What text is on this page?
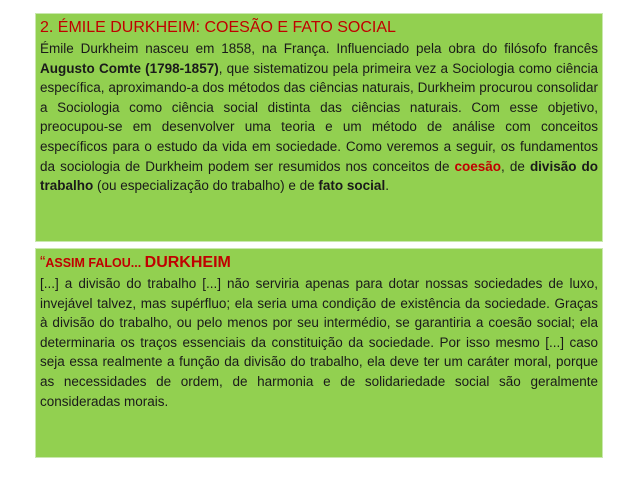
2. ÉMILE DURKHEIM: COESÃO E FATO SOCIAL
Émile Durkheim nasceu em 1858, na França. Influenciado pela obra do filósofo francês Augusto Comte (1798-1857), que sistematizou pela primeira vez a Sociologia como ciência específica, aproximando-a dos métodos das ciências naturais, Durkheim procurou consolidar a Sociologia como ciência social distinta das ciências naturais. Com esse objetivo, preocupou-se em desenvolver uma teoria e um método de análise com conceitos específicos para o estudo da vida em sociedade. Como veremos a seguir, os fundamentos da sociologia de Durkheim podem ser resumidos nos conceitos de coesão, de divisão do trabalho (ou especialização do trabalho) e de fato social.
“ASSIM FALOU... DURKHEIM
[...] a divisão do trabalho [...] não serviria apenas para dotar nossas sociedades de luxo, invejável talvez, mas supérfluo; ela seria uma condição de existência da sociedade. Graças à divisão do trabalho, ou pelo menos por seu intermédio, se garantiria a coesão social; ela determinaria os traços essenciais da constituição da sociedade. Por isso mesmo [...] caso seja essa realmente a função da divisão do trabalho, ela deve ter um caráter moral, porque as necessidades de ordem, de harmonia e de solidariedade social são geralmente consideradas morais.
